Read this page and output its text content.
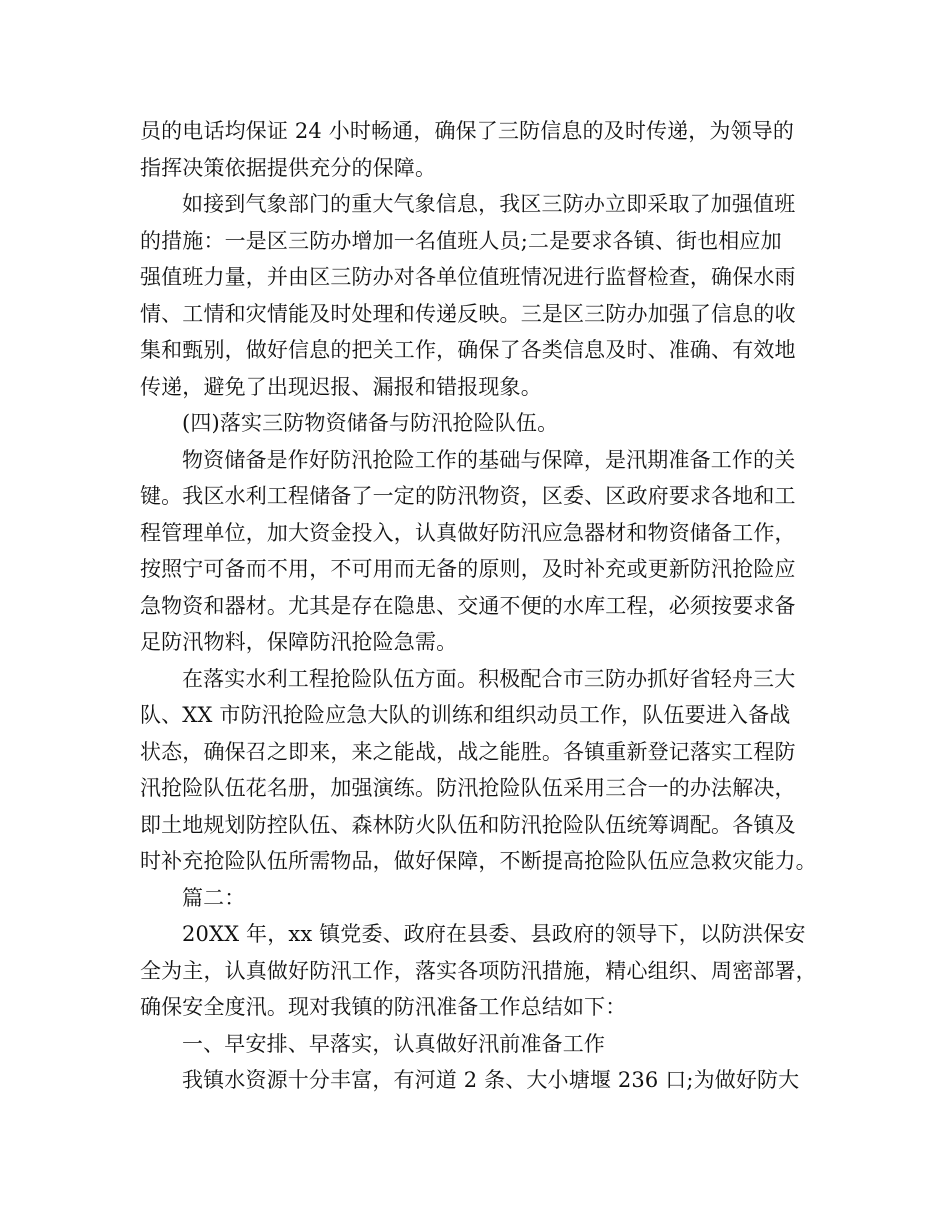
员的电话均保证 24 小时畅通，确保了三防信息的及时传递，为领导的
指挥决策依据提供充分的保障。
如接到气象部门的重大气象信息，我区三防办立即采取了加强值班
的措施：一是区三防办增加一名值班人员;二是要求各镇、街也相应加
强值班力量，并由区三防办对各单位值班情况进行监督检查，确保水雨
情、工情和灾情能及时处理和传递反映。三是区三防办加强了信息的收
集和甄别，做好信息的把关工作，确保了各类信息及时、准确、有效地
传递，避免了出现迟报、漏报和错报现象。
(四)落实三防物资储备与防汛抢险队伍。
物资储备是作好防汛抢险工作的基础与保障，是汛期准备工作的关
键。我区水利工程储备了一定的防汛物资，区委、区政府要求各地和工
程管理单位，加大资金投入，认真做好防汛应急器材和物资储备工作，
按照宁可备而不用，不可用而无备的原则，及时补充或更新防汛抢险应
急物资和器材。尤其是存在隐患、交通不便的水库工程，必须按要求备
足防汛物料，保障防汛抢险急需。
在落实水利工程抢险队伍方面。积极配合市三防办抓好省轻舟三大
队、XX 市防汛抢险应急大队的训练和组织动员工作，队伍要进入备战
状态，确保召之即来，来之能战，战之能胜。各镇重新登记落实工程防
汛抢险队伍花名册，加强演练。防汛抢险队伍采用三合一的办法解决，
即土地规划防控队伍、森林防火队伍和防汛抢险队伍统筹调配。各镇及
时补充抢险队伍所需物品，做好保障，不断提高抢险队伍应急救灾能力。
篇二：
20XX 年，xx 镇党委、政府在县委、县政府的领导下，以防洪保安
全为主，认真做好防汛工作，落实各项防汛措施，精心组织、周密部署，
确保安全度汛。现对我镇的防汛准备工作总结如下：
一、早安排、早落实，认真做好汛前准备工作
我镇水资源十分丰富，有河道 2 条、大小塘堰 236 口;为做好防大
